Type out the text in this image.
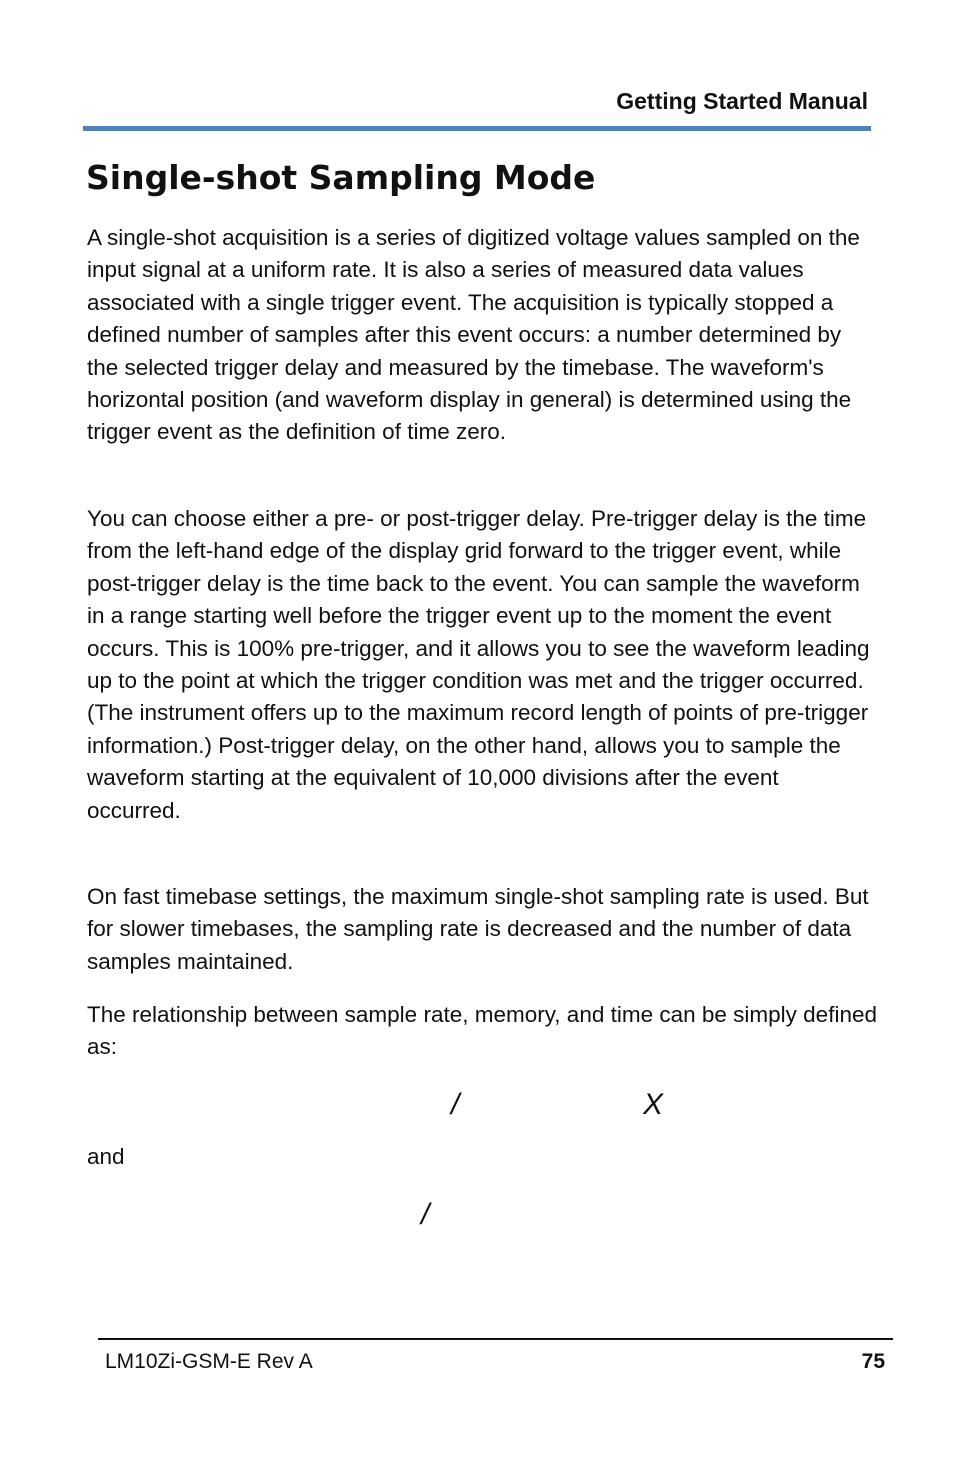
Getting Started Manual
Single-shot Sampling Mode

A single-shot acquisition is a series of digitized voltage values sampled on the input signal at a uniform rate. It is also a series of measured data values associated with a single trigger event. The acquisition is typically stopped a defined number of samples after this event occurs: a number determined by the selected trigger delay and measured by the timebase. The waveform's horizontal position (and waveform display in general) is determined using the trigger event as the definition of time zero.

You can choose either a pre- or post-trigger delay. Pre-trigger delay is the time from the left-hand edge of the display grid forward to the trigger event, while post-trigger delay is the time back to the event. You can sample the waveform in a range starting well before the trigger event up to the moment the event occurs. This is 100% pre-trigger, and it allows you to see the waveform leading up to the point at which the trigger condition was met and the trigger occurred. (The instrument offers up to the maximum record length of points of pre-trigger information.) Post-trigger delay, on the other hand, allows you to sample the waveform starting at the equivalent of 10,000 divisions after the event occurred.

On fast timebase settings, the maximum single-shot sampling rate is used. But for slower timebases, the sampling rate is decreased and the number of data samples maintained.

The relationship between sample rate, memory, and time can be simply defined as:

/	X

and

/
LM10Zi-GSM-E Rev A	75
